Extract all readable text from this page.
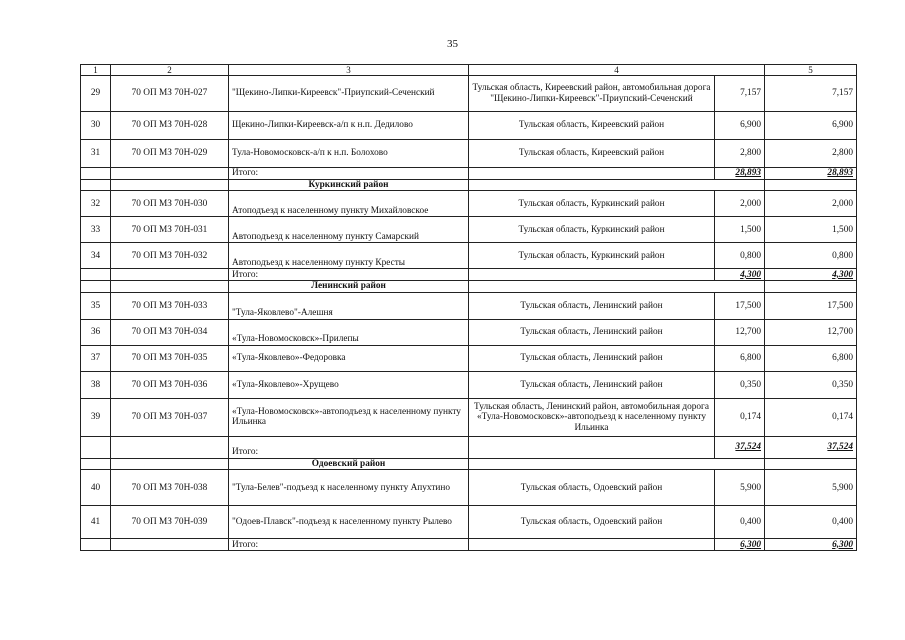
35
1	2	3	4		5
29	70 ОП МЗ 70Н-027	"Щекино-Липки-Киреевск"-Приупский-Сеченский	Тульская область, Киреевский район, автомобильная дорога "Щекино-Липки-Киреевск"-Приупский-Сеченский	7,157	7,157
30	70 ОП МЗ 70Н-028	Щекино-Липки-Киреевск-а/п к н.п. Дедилово	Тульская область, Киреевский район	6,900	6,900
31	70 ОП МЗ 70Н-029	Тула-Новомосковск-а/п к н.п. Болохово	Тульская область, Киреевский район	2,800	2,800
		Итого:		28,893	28,893
		Куркинский район			
32	70 ОП МЗ 70Н-030	Атоподъезд к населенному пункту Михайловское	Тульская область, Куркинский район	2,000	2,000
33	70 ОП МЗ 70Н-031	Автоподъезд к населенному пункту Самарский	Тульская область, Куркинский район	1,500	1,500
34	70 ОП МЗ 70Н-032	Автоподъезд к населенному пункту Кресты	Тульская область, Куркинский район	0,800	0,800
		Итого:		4,300	4,300
		Ленинский район			
35	70 ОП МЗ 70Н-033	"Тула-Яковлево"-Алешня	Тульская область, Ленинский район	17,500	17,500
36	70 ОП МЗ 70Н-034	«Тула-Новомосковск»-Прилепы	Тульская область, Ленинский район	12,700	12,700
37	70 ОП МЗ 70Н-035	«Тула-Яковлево»-Федоровка	Тульская область, Ленинский район	6,800	6,800
38	70 ОП МЗ 70Н-036	«Тула-Яковлево»-Хрущево	Тульская область, Ленинский район	0,350	0,350
39	70 ОП МЗ 70Н-037	«Тула-Новомосковск»-автоподъезд к населенному пункту Ильинка	Тульская область, Ленинский район, автомобильная дорога «Тула-Новомосковск»-автоподъезд к населенному пункту Ильинка	0,174	0,174
		Итого:		37,524	37,524
		Одоевский район			
40	70 ОП МЗ 70Н-038	"Тула-Белев"-подъезд к населенному пункту Апухтино	Тульская область, Одоевский район	5,900	5,900
41	70 ОП МЗ 70Н-039	"Одоев-Плавск"-подъезд к населенному пункту Рылево	Тульская область, Одоевский район	0,400	0,400
		Итого:		6,300	6,300
